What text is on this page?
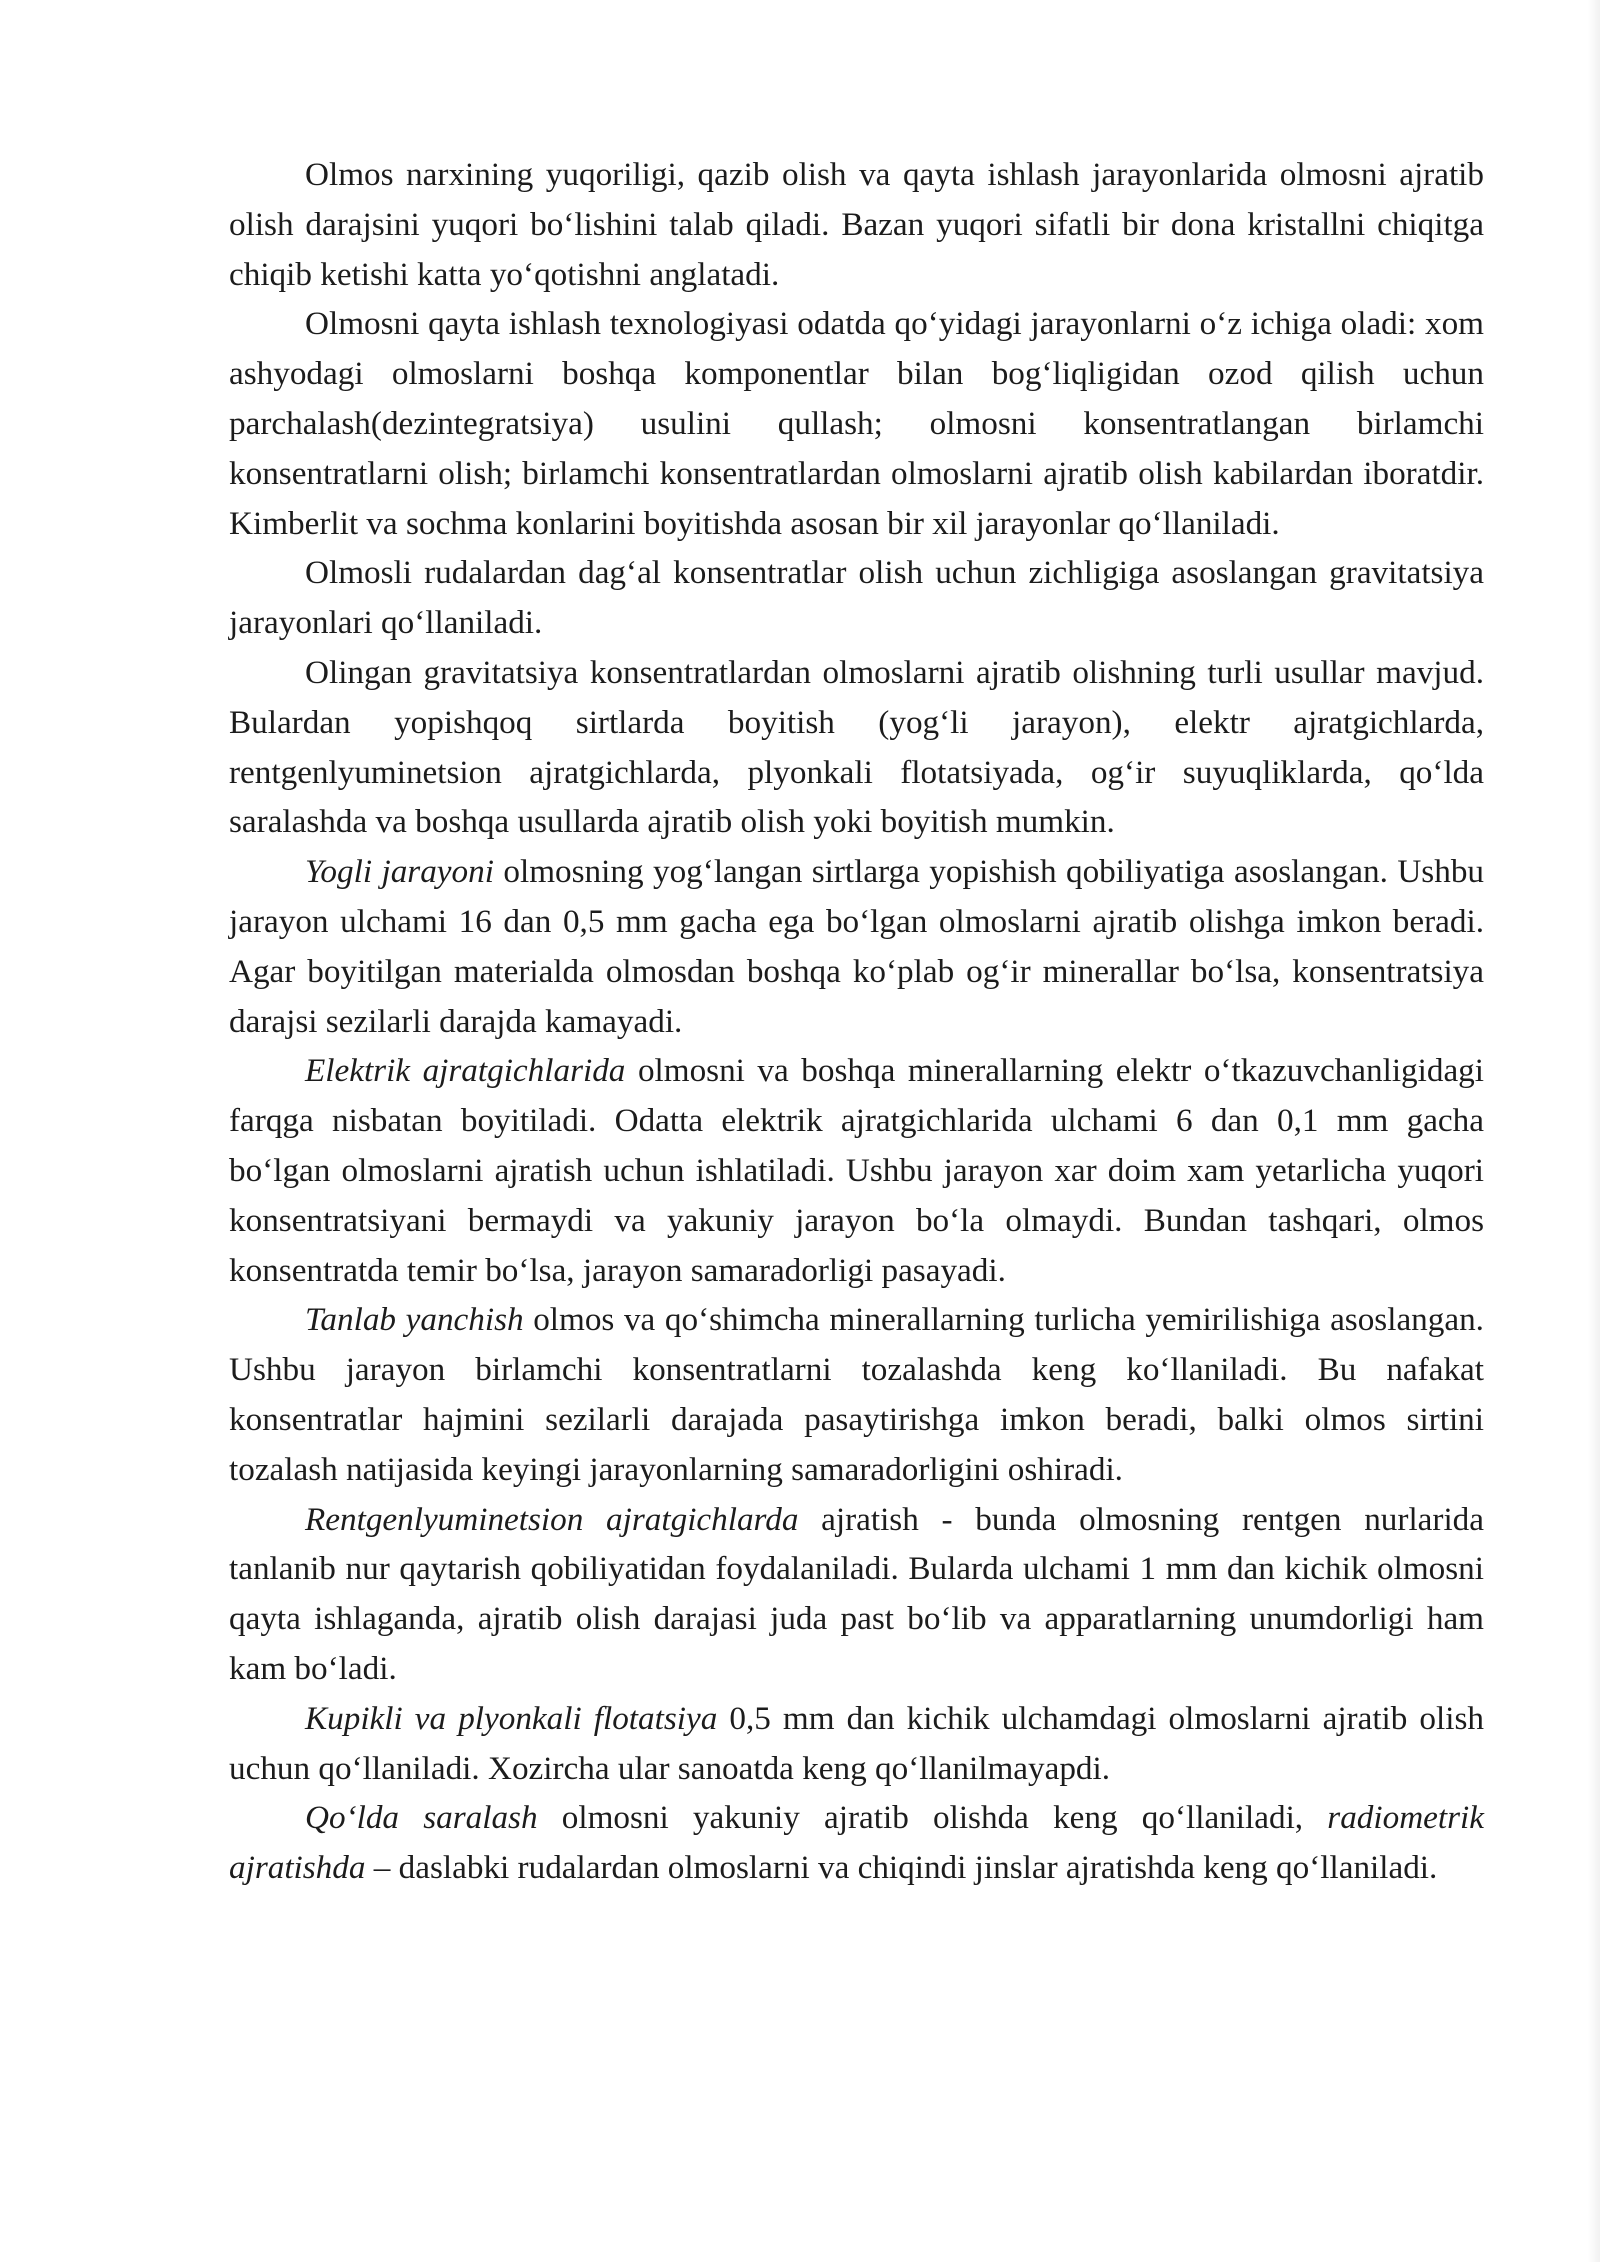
Olmos narxining yuqoriligi, qazib olish va qayta ishlash jarayonlarida olmosni ajratib olish darajsini yuqori bo‘lishini talab qiladi. Bazan yuqori sifatli bir dona kristallni chiqitga chiqib ketishi katta yo‘qotishni anglatadi.

Olmosni qayta ishlash texnologiyasi odatda qo‘yidagi jarayonlarni o‘z ichiga oladi: xom ashyodagi olmoslarni boshqa komponentlar bilan bog‘liqligidan ozod qilish uchun parchalash(dezintegratsiya) usulini qullash; olmosni konsentratlangan birlamchi konsentratlarni olish; birlamchi konsentratlardan olmoslarni ajratib olish kabilardan iboratdir. Kimberlit va sochma konlarini boyitishda asosan bir xil jarayonlar qo‘llaniladi.

Olmosli rudalardan dag‘al konsentratlar olish uchun zichligiga asoslangan gravitatsiya jarayonlari qo‘llaniladi.

Olingan gravitatsiya konsentratlardan olmoslarni ajratib olishning turli usullar mavjud. Bulardan yopishqoq sirtlarda boyitish (yog‘li jarayon), elektr ajratgichlarda, rentgenlyuminetsion ajratgichlarda, plyonkali flotatsiyada, og‘ir suyuqliklarda, qo‘lda saralashda va boshqa usullarda ajratib olish yoki boyitish mumkin.

Yogli jarayoni olmosning yog‘langan sirtlarga yopishish qobiliyatiga asoslangan. Ushbu jarayon ulchami 16 dan 0,5 mm gacha ega bo‘lgan olmoslarni ajratib olishga imkon beradi. Agar boyitilgan materialda olmosdan boshqa ko‘plab og‘ir minerallar bo‘lsa, konsentratsiya darajsi sezilarli darajda kamayadi.

Elektrik ajratgichlarida olmosni va boshqa minerallarning elektr o‘tkazuvchanligidagi farqga nisbatan boyitiladi. Odatta elektrik ajratgichlarida ulchami 6 dan 0,1 mm gacha bo‘lgan olmoslarni ajratish uchun ishlatiladi. Ushbu jarayon xar doim xam yetarlicha yuqori konsentratsiyani bermaydi va yakuniy jarayon bo‘la olmaydi. Bundan tashqari, olmos konsentratda temir bo‘lsa, jarayon samaradorligi pasayadi.

Tanlab yanchish olmos va qo‘shimcha minerallarning turlicha yemirilishiga asoslangan. Ushbu jarayon birlamchi konsentratlarni tozalashda keng ko‘llaniladi. Bu nafakat konsentratlar hajmini sezilarli darajada pasaytirishga imkon beradi, balki olmos sirtini tozalash natijasida keyingi jarayonlarning samaradorligini oshiradi.

Rentgenlyuminetsion ajratgichlarda ajratish - bunda olmosning rentgen nurlarida tanlanib nur qaytarish qobiliyatidan foydalaniladi. Bularda ulchami 1 mm dan kichik olmosni qayta ishlaganda, ajratib olish darajasi juda past bo‘lib va apparatlarning unumdorligi ham kam bo‘ladi.

Kupikli va plyonkali flotatsiya 0,5 mm dan kichik ulchamdagi olmoslarni ajratib olish uchun qo‘llaniladi. Xozircha ular sanoatda keng qo‘llanilmayapdi.

Qo‘lda saralash olmosni yakuniy ajratib olishda keng qo‘llaniladi, radiometrik ajratishda – daslabki rudalardan olmoslarni va chiqindi jinslar ajratishda keng qo‘llaniladi.
